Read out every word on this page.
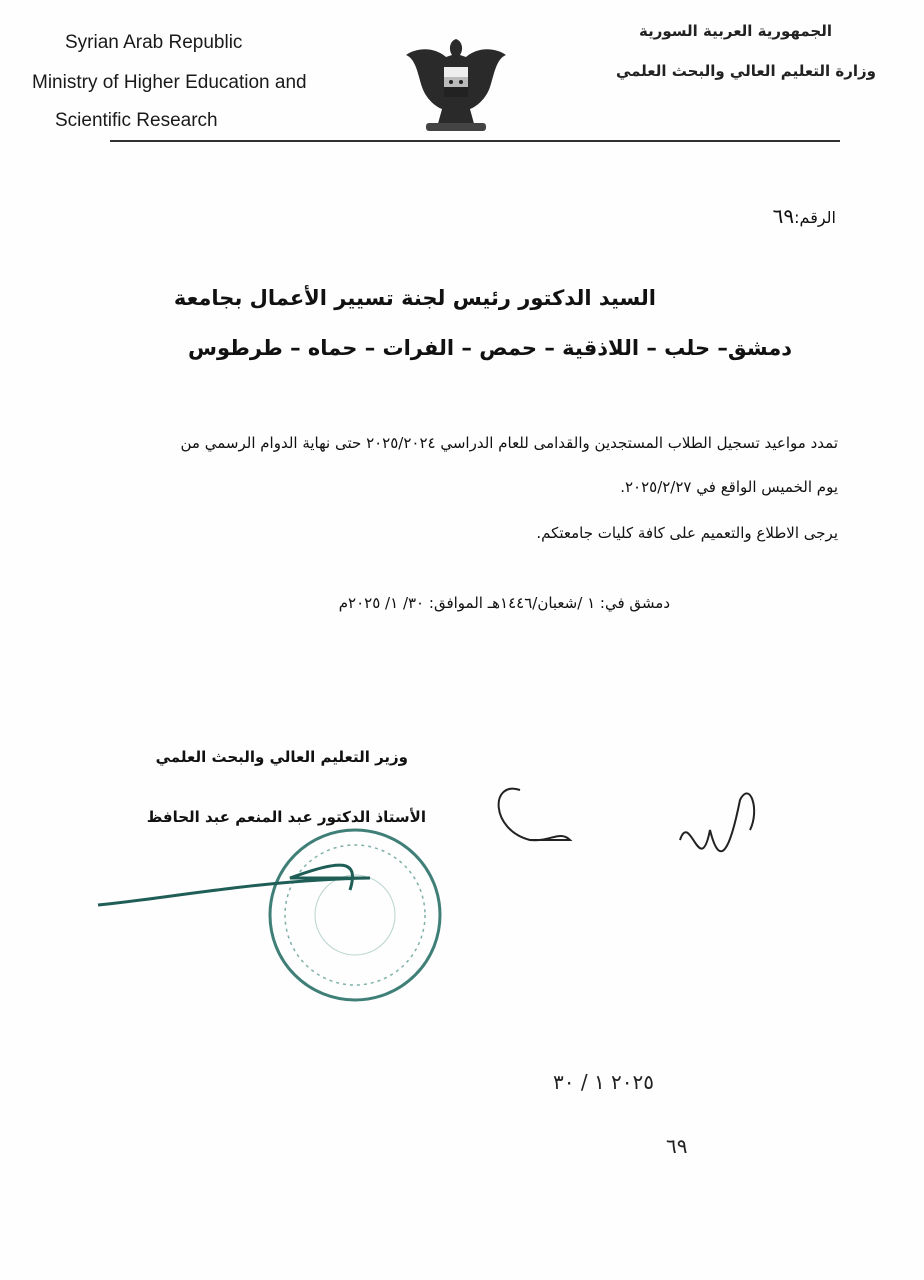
Syrian Arab Republic
Ministry of Higher Education and
Scientific Research
الجمهورية العربية السورية
وزارة التعليم العالي والبحث العلمي
الرقم:٦٩
السيد الدكتور رئيس لجنة تسيير الأعمال بجامعة
دمشق– حلب – اللاذقية – حمص – الفرات – حماه – طرطوس
تمدد مواعيد تسجيل الطلاب المستجدين والقدامى للعام الدراسي ٢٠٢٥/٢٠٢٤ حتى نهاية الدوام الرسمي من
يوم الخميس الواقع في ٢٠٢٥/٢/٢٧.
يرجى الاطلاع والتعميم على كافة كليات جامعتكم.
دمشق في: ١ /شعبان/١٤٤٦هـ الموافق: ٣٠/ ١/ ٢٠٢٥م
وزير التعليم العالي والبحث العلمي
الأستاذ الدكتور عبد المنعم عبد الحافظ
٢٠٢٥ ١ / ٣٠
٦٩
